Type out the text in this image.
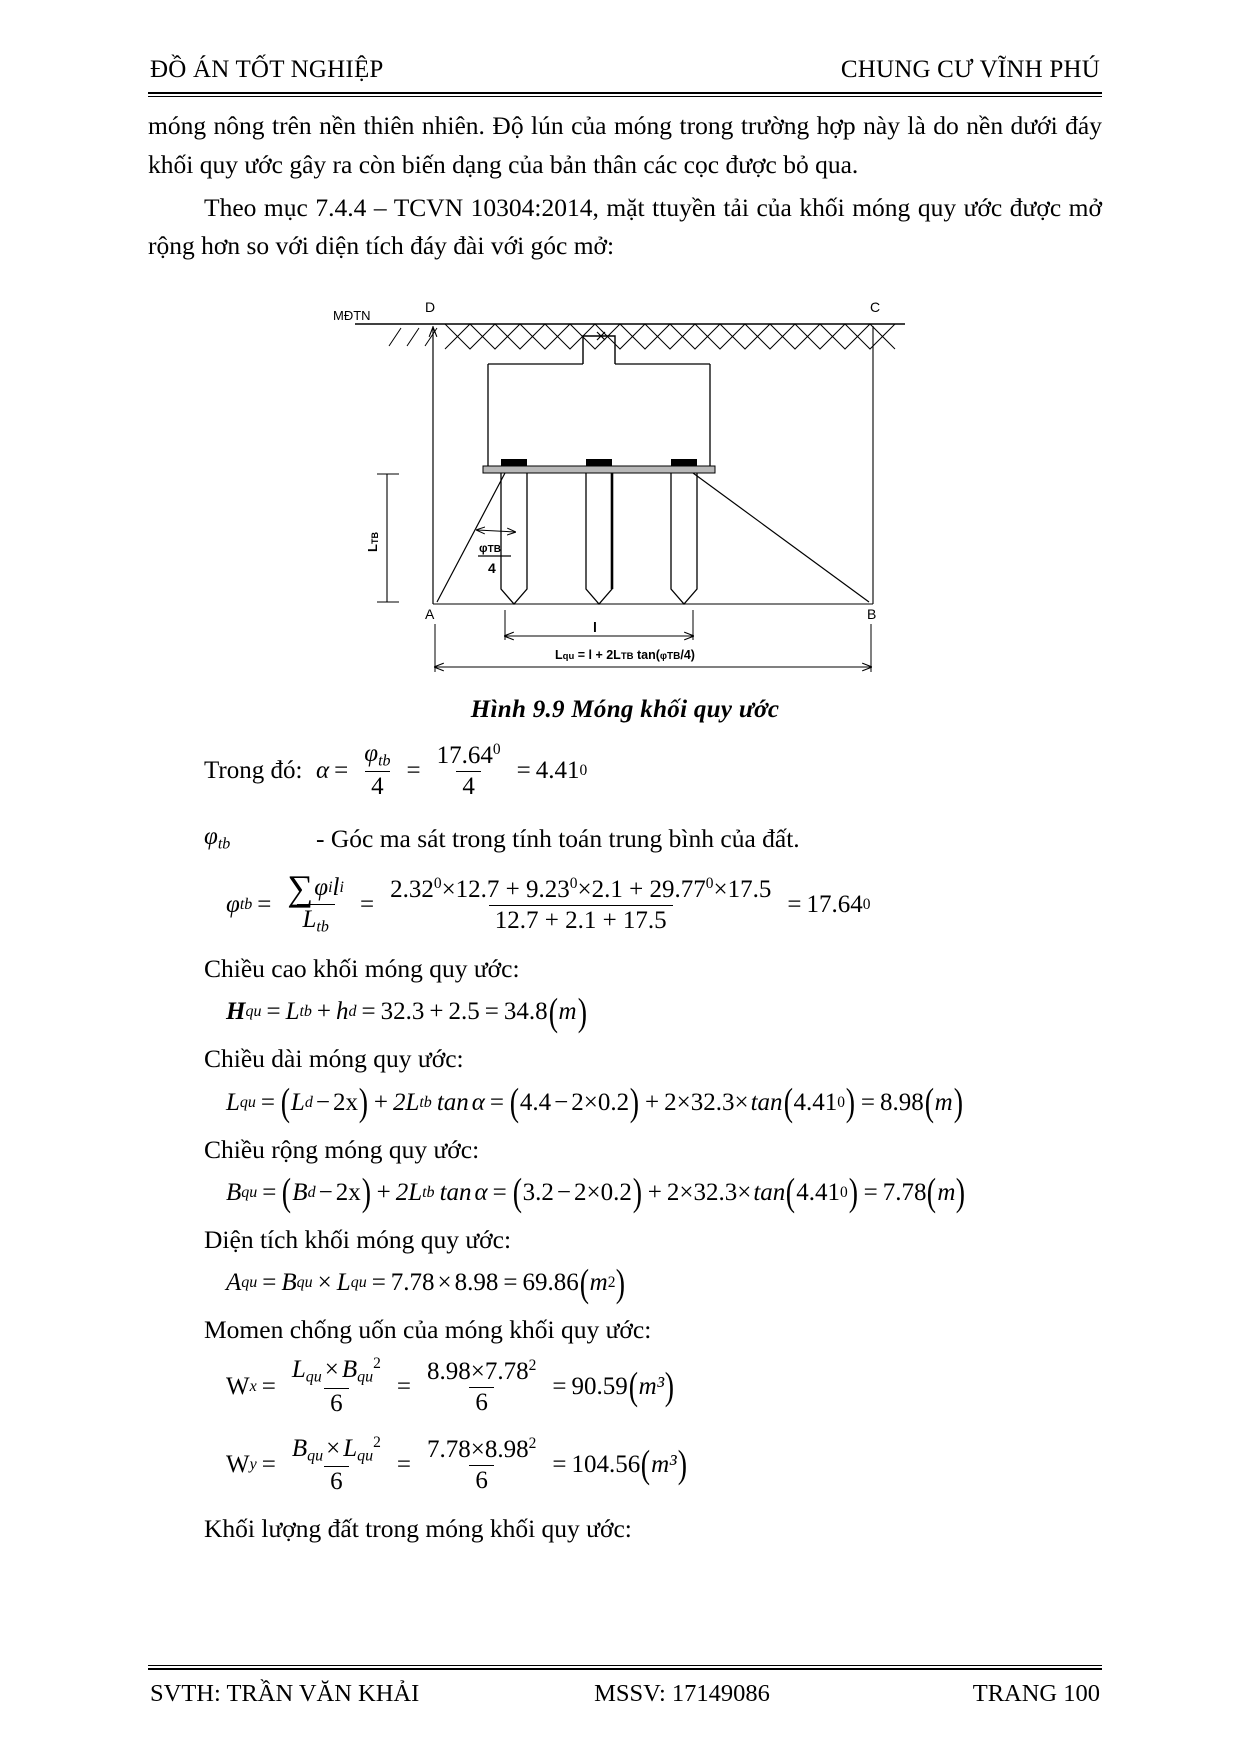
ĐỒ ÁN TỐT NGHIỆP	CHUNG CƯ VĨNH PHÚ

móng nông trên nền thiên nhiên. Độ lún của móng trong trường hợp này là do nền dưới đáy khối quy ước gây ra còn biến dạng của bản thân các cọc được bỏ qua.

Theo mục 7.4.4 – TCVN 10304:2014, mặt ttuyền tải của khối móng quy ước được mở rộng hơn so với diện tích đáy đài với góc mở:

MĐTN
D	C
LTB
φTB
4
A	B
l
Lqu = l + 2LTB tan(φTB/4)
Hình 9.9 Móng khối quy ước
Trong đó: $\alpha = \frac{\varphi_{tb}}{4} = \frac{17.64^0}{4} = 4.41$ 0
$\varphi_{tb}$	- Góc ma sát trong tính toán trung bình của đất.
φ tb = $\frac{\text{∑ φ i l i}}{L_{tb}} = \frac{2.32^0\times 12.7 + 9.23^0\times 2.1 + 29.77^0\times 17.5}{12.7 + 2.1 + 17.5} = 17.64$ 0
Chiều cao khối móng quy ước:
H qu = L tb + h d = 32.3 + 2.5 = 34.8 ( m )
Chiều dài móng quy ước:
L qu = ( L d − 2x ) + 2L tb tan α = ( 4.4 − 2×0.2 ) + 2×32.3× tan ( 4.41 0 ) = 8.98 ( m )
Chiều rộng móng quy ước:
B qu = ( B d − 2x ) + 2L tb tan α = ( 3.2 − 2×0.2 ) + 2×32.3× tan ( 4.41 0 ) = 7.78 ( m )
Diện tích khối móng quy ước:
A qu = B qu × L qu = 7.78 × 8.98 = 69.86 ( m 2 )
Momen chống uốn của móng khối quy ước:
W $x = \frac{L_{qu} \times B_{qu}^2}{6} = \frac{8.98\times 7.78^2}{6} = 90.59$ ( m³ )
W $y = \frac{B_{qu} \times L_{qu}^2}{6} = \frac{7.78\times 8.98^2}{6} = 104.56$ ( m³ )
Khối lượng đất trong móng khối quy ước:
SVTH: TRẦN VĂN KHẢI	MSSV: 17149086	TRANG 100
